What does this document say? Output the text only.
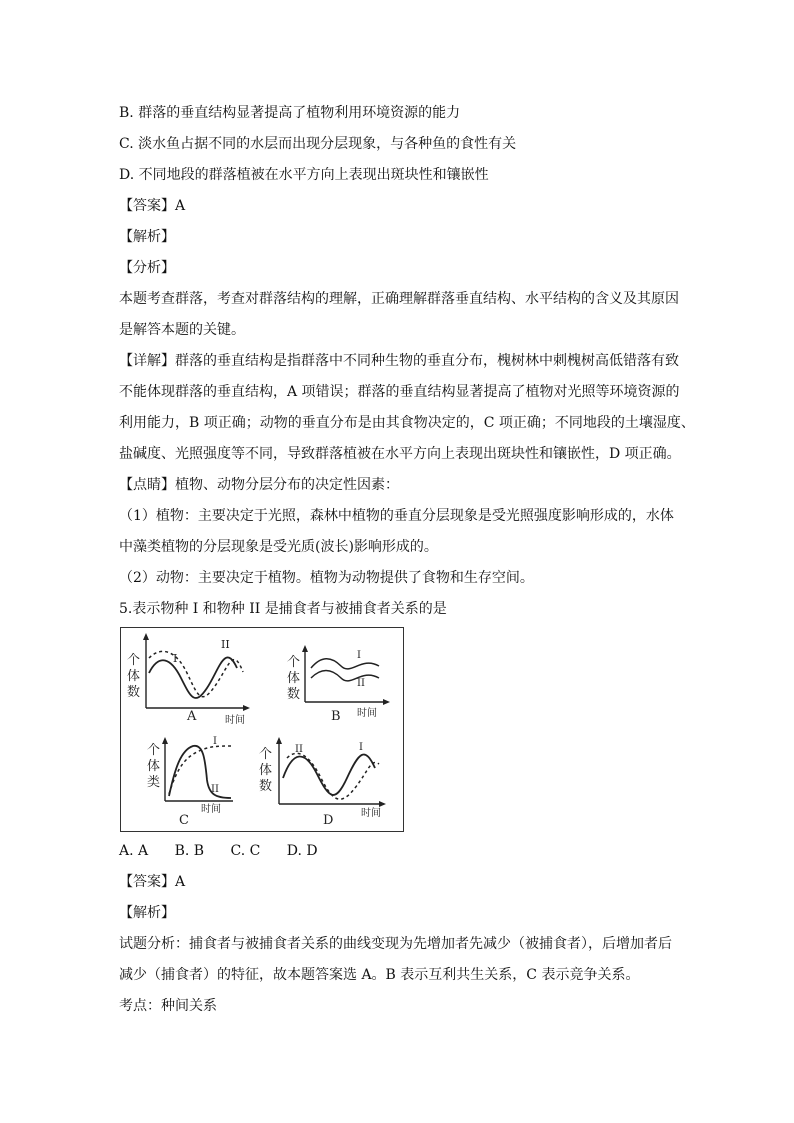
B. 群落的垂直结构显著提高了植物利用环境资源的能力
C. 淡水鱼占据不同的水层而出现分层现象，与各种鱼的食性有关
D. 不同地段的群落植被在水平方向上表现出斑块性和镶嵌性
【答案】A
【解析】
【分析】
本题考查群落，考查对群落结构的理解，正确理解群落垂直结构、水平结构的含义及其原因
是解答本题的关键。
【详解】群落的垂直结构是指群落中不同种生物的垂直分布，槐树林中刺槐树高低错落有致
不能体现群落的垂直结构，A 项错误；群落的垂直结构显著提高了植物对光照等环境资源的
利用能力，B 项正确；动物的垂直分布是由其食物决定的，C 项正确；不同地段的土壤湿度、
盐碱度、光照强度等不同，导致群落植被在水平方向上表现出斑块性和镶嵌性，D 项正确。
【点睛】植物、动物分层分布的决定性因素：
（1）植物：主要决定于光照，森林中植物的垂直分层现象是受光照强度影响形成的，水体
中藻类植物的分层现象是受光质(波长)影响形成的。
（2）动物：主要决定于植物。植物为动物提供了食物和生存空间。
5.表示物种 I 和物种 II 是捕食者与被捕食者关系的是
I
II
个
体
数
时间
A
I
II
个
体
数
时间
B
I
II
个
体
类
时间
C
II	I
个
体
数
时间
D
A. A B. B C. C D. D
【答案】A
【解析】
试题分析：捕食者与被捕食者关系的曲线变现为先增加者先减少（被捕食者），后增加者后
减少（捕食者）的特征，故本题答案选 A。B 表示互利共生关系，C 表示竞争关系。
考点：种间关系
